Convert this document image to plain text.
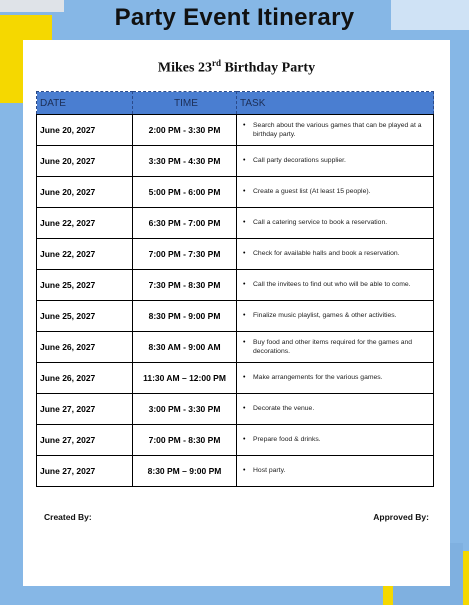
Party Event Itinerary
Mikes 23rd Birthday Party
DATE	TIME	TASK
June 20, 2027	2:00 PM - 3:30 PM	• Search about the various games that can be played at a birthday party.

June 20, 2027	3:30 PM - 4:30 PM	• Call party decorations supplier.

June 20, 2027	5:00 PM - 6:00 PM	• Create a guest list (At least 15 people).

June 22, 2027	6:30 PM - 7:00 PM	• Call a catering service to book a reservation.

June 22, 2027	7:00 PM - 7:30 PM	• Check for available halls and book a reservation.

June 25, 2027	7:30 PM - 8:30 PM	• Call the invitees to find out who will be able to come.

June 25, 2027	8:30 PM - 9:00 PM	• Finalize music playlist, games & other activities.

June 26, 2027	8:30 AM - 9:00 AM	• Buy food and other items required for the games and decorations.

June 26, 2027	11:30 AM – 12:00 PM	• Make arrangements for the various games.

June 27, 2027	3:00 PM - 3:30 PM	• Decorate the venue.

June 27, 2027	7:00 PM - 8:30 PM	• Prepare food & drinks.

June 27, 2027	8:30 PM – 9:00 PM	• Host party.
Created By:	Approved By:
